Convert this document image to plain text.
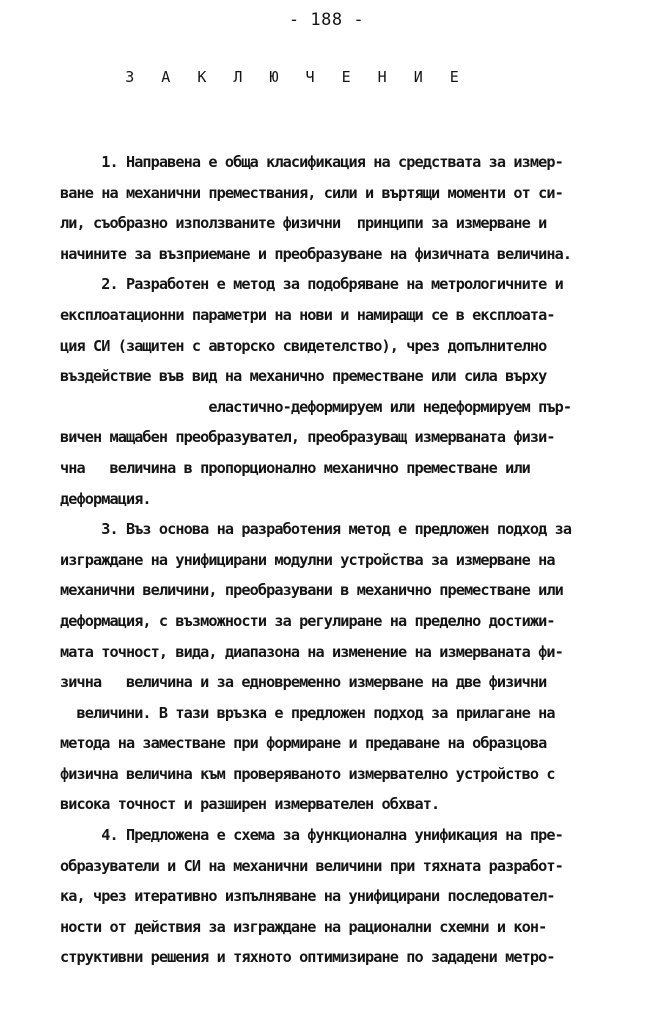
- 188 -
З А К Л Ю Ч Е Н И Е
1. Направена е обща класификация на средствата за измер-
ване на механични премествания, сили и въртящи моменти от си-
ли, съобразно използваните физични  принципи за измерване и
начините за възприемане и преобразуване на физичната величина.
2. Разработен е метод за подобряване на метрологичните и
експлоатационни параметри на нови и намиращи се в експлоата-
ция СИ (защитен с авторско свидетелство), чрез допълнително
въздействие във вид на механично преместване или сила върху
еластично-деформируем или недеформируем пър-
вичен мащабен преобразувател, преобразуващ измерваната физи-
чна   величина в пропорционално механично преместване или
деформация.
3. Въз основа на разработения метод е предложен подход за
изграждане на унифицирани модулни устройства за измерване на
механични величини, преобразувани в механично преместване или
деформация, с възможности за регулиране на пределно достижи-
мата точност, вида, диапазона на изменение на измерваната фи-
зична   величина и за едновременно измерване на две физични
величини. В тази връзка е предложен подход за прилагане на
метода на заместване при формиране и предаване на образцова
физична величина към проверяваното измервателно устройство с
висока точност и разширен измервателен обхват.
4. Предложена е схема за функционална унификация на пре-
образуватели и СИ на механични величини при тяхната разработ-
ка, чрез итеративно изпълняване на унифицирани последовател-
ности от действия за изграждане на рационални схемни и кон-
структивни решения и тяхното оптимизиране по зададени метро-
